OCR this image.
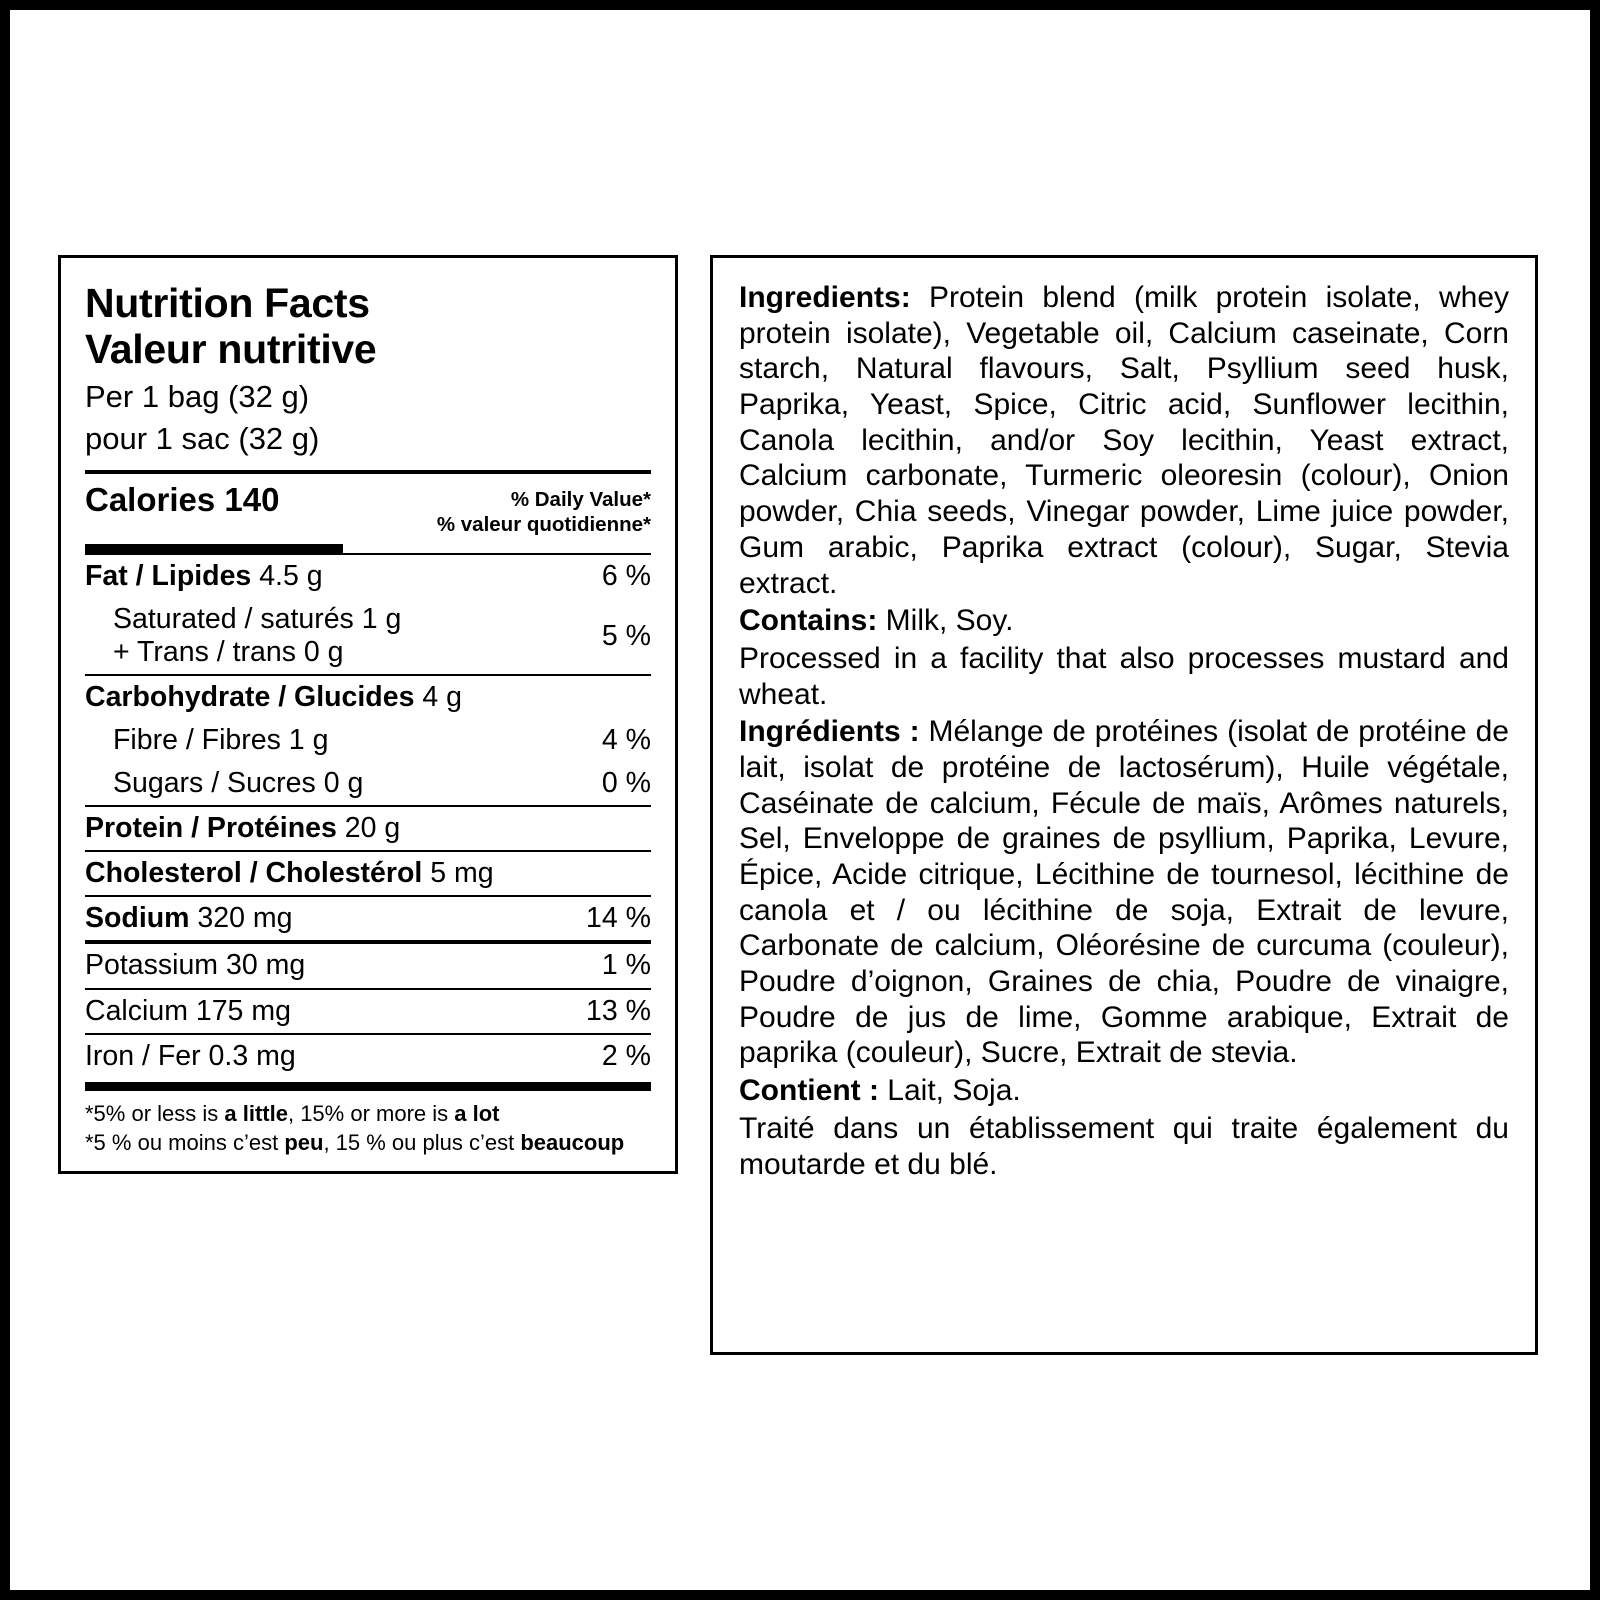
Nutrition Facts
Valeur nutritive
Per 1 bag (32 g)
pour 1 sac (32 g)
Calories 140	% Daily Value*
% valeur quotidienne*
Fat / Lipides 4.5 g	6 %
Saturated / saturés 1 g	5 %
+ Trans / trans 0 g	
Carbohydrate / Glucides 4 g	
Fibre / Fibres 1 g	4 %
Sugars / Sucres 0 g	0 %
Protein / Protéines 20 g	
Cholesterol / Cholestérol 5 mg	
Sodium 320 mg	14 %
Potassium 30 mg	1 %
Calcium 175 mg	13 %
Iron / Fer 0.3 mg	2 %
*5% or less is a little, 15% or more is a lot
*5 % ou moins c’est peu, 15 % ou plus c’est beaucoup
Ingredients: Protein blend (milk protein isolate, whey protein isolate), Vegetable oil, Calcium caseinate, Corn starch, Natural flavours, Salt, Psyllium seed husk, Paprika, Yeast, Spice, Citric acid, Sunflower lecithin, Canola lecithin, and/or Soy lecithin, Yeast extract, Calcium carbonate, Turmeric oleoresin (colour), Onion powder, Chia seeds, Vinegar powder, Lime juice powder, Gum arabic, Paprika extract (colour), Sugar, Stevia extract.
Contains: Milk, Soy.
Processed in a facility that also processes mustard and wheat.
Ingrédients : Mélange de protéines (isolat de protéine de lait, isolat de protéine de lactosérum), Huile végétale, Caséinate de calcium, Fécule de maïs, Arômes naturels, Sel, Enveloppe de graines de psyllium, Paprika, Levure, Épice, Acide citrique, Lécithine de tournesol, lécithine de canola et / ou lécithine de soja, Extrait de levure, Carbonate de calcium, Oléorésine de curcuma (couleur), Poudre d’oignon, Graines de chia, Poudre de vinaigre, Poudre de jus de lime, Gomme arabique, Extrait de paprika (couleur), Sucre, Extrait de stevia.
Contient : Lait, Soja.
Traité dans un établissement qui traite également du moutarde et du blé.
